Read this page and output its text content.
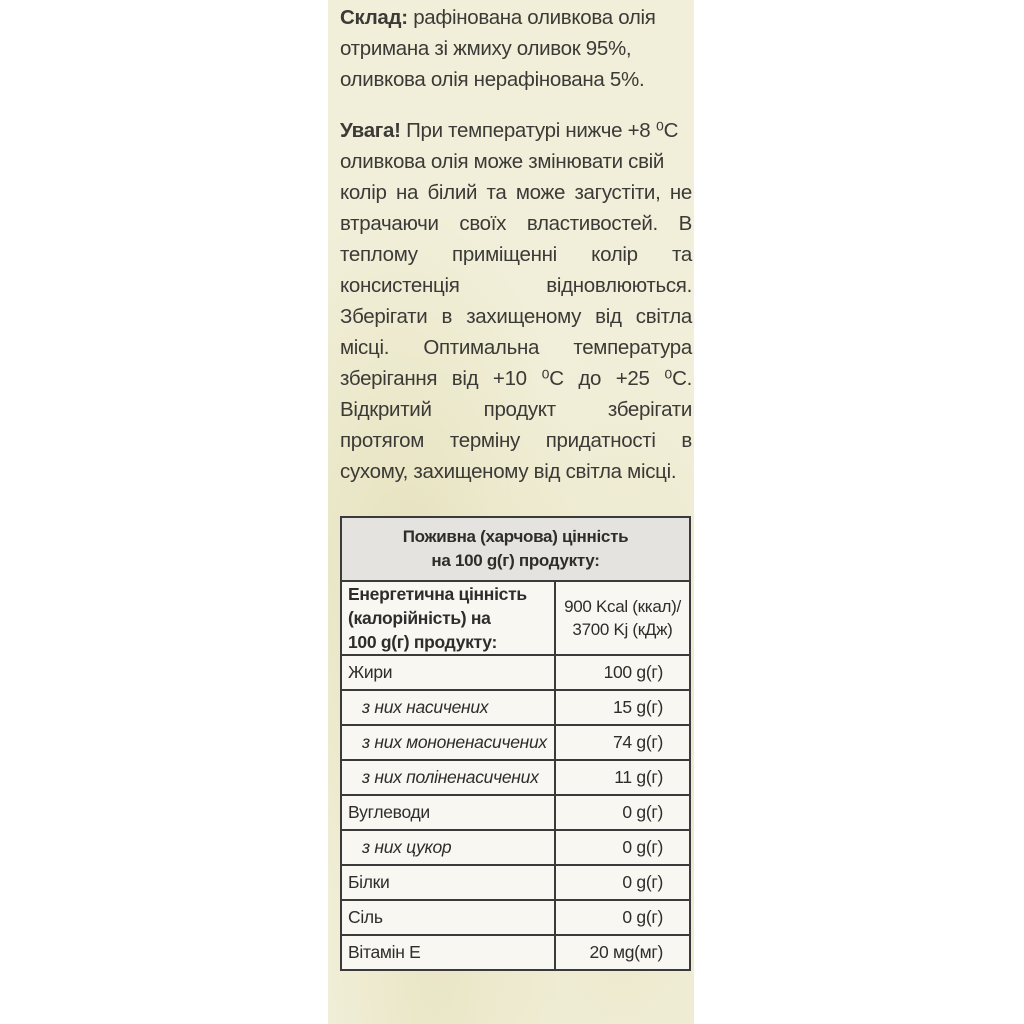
Склад: рафінована оливкова олія
отримана зі жмиху оливок 95%,
оливкова олія нерафінована 5%.
Увага! При температурі нижче +8 ⁰С
оливкова олія може змінювати свій
колір на білий та може загустіти, не
втрачаючи своїх властивостей. В
теплому приміщенні колір та
консистенція відновлюються.
Зберігати в захищеному від світла
місці. Оптимальна температура
зберігання від +10 ⁰С до +25 ⁰С.
Відкритий продукт зберігати
протягом терміну придатності в
сухому, захищеному від світла місці.
Поживна (харчова) цінність
на 100 g(г) продукту:	
Енергетична цінність
(калорійність) на
100 g(г) продукту:	900 Kcal (ккал)/
3700 Kj (кДж)
Жири	100 g(г)
з них насичених	15 g(г)
з них мононенасичених	74 g(г)
з них поліненасичених	11 g(г)
Вуглеводи	0 g(г)
з них цукор	0 g(г)
Білки	0 g(г)
Сіль	0 g(г)
Вітамін Е	20 мg(мг)
